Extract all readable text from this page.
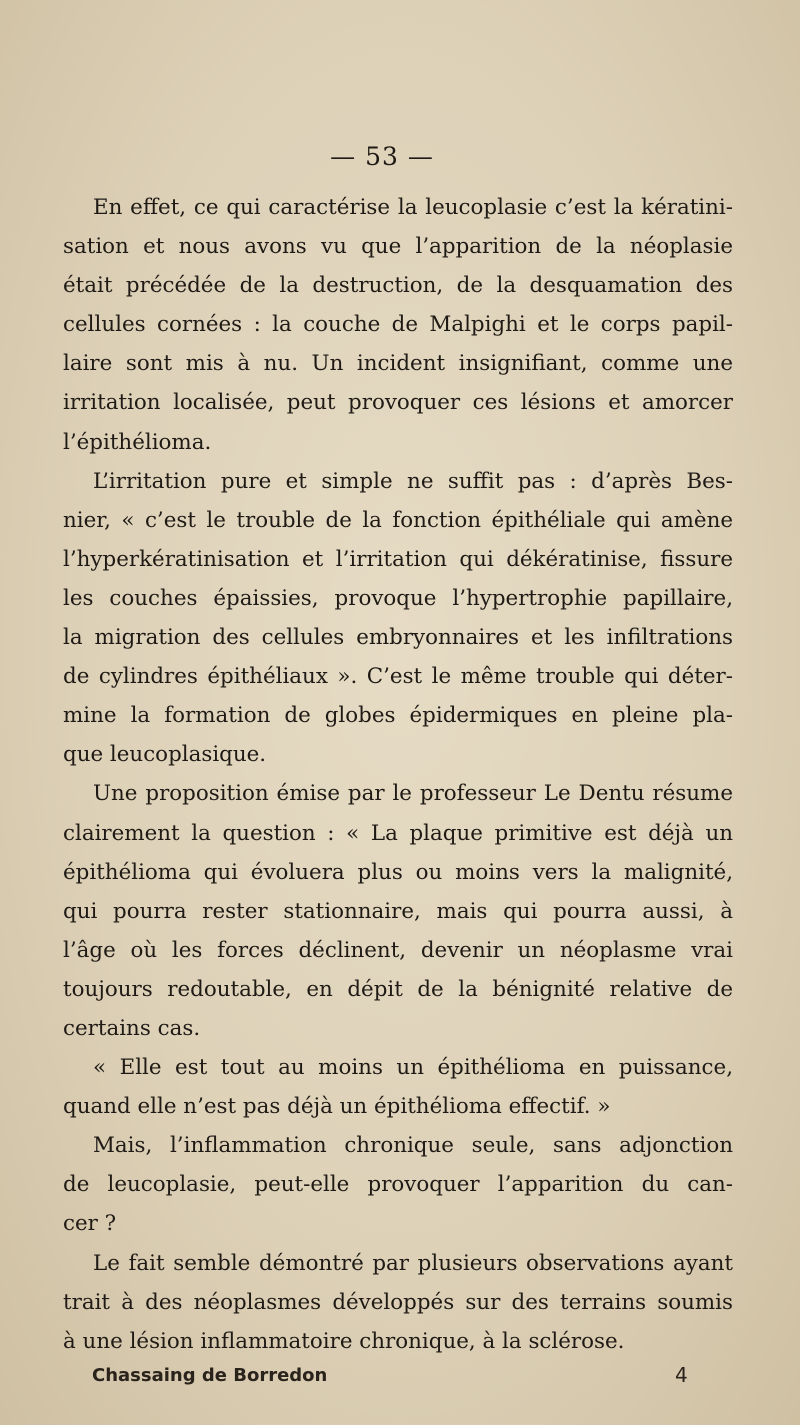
— 53 —
En effet, ce qui caractérise la leucoplasie c’est la kératini-
sation et nous avons vu que l’apparition de la néoplasie
était précédée de la destruction, de la desquamation des
cellules cornées : la couche de Malpighi et le corps papil-
laire sont mis à nu. Un incident insignifiant, comme une
irritation localisée, peut provoquer ces lésions et amorcer
l’épithélioma.
L’irritation pure et simple ne suffit pas : d’après Bes-
nier, « c’est le trouble de la fonction épithéliale qui amène
l’hyperkératinisation et l’irritation qui dékératinise, fissure
les couches épaissies, provoque l’hypertrophie papillaire,
la migration des cellules embryonnaires et les infiltrations
de cylindres épithéliaux ». C’est le même trouble qui déter-
mine la formation de globes épidermiques en pleine pla-
que leucoplasique.
Une proposition émise par le professeur Le Dentu résume
clairement la question : « La plaque primitive est déjà un
épithélioma qui évoluera plus ou moins vers la malignité,
qui pourra rester stationnaire, mais qui pourra aussi, à
l’âge où les forces déclinent, devenir un néoplasme vrai
toujours redoutable, en dépit de la bénignité relative de
certains cas.
« Elle est tout au moins un épithélioma en puissance,
quand elle n’est pas déjà un épithélioma effectif. »
Mais, l’inflammation chronique seule, sans adjonction
de leucoplasie, peut-elle provoquer l’apparition du can-
cer ?
Le fait semble démontré par plusieurs observations ayant
trait à des néoplasmes développés sur des terrains soumis
à une lésion inflammatoire chronique, à la sclérose.
Chassaing de Borredon	4
